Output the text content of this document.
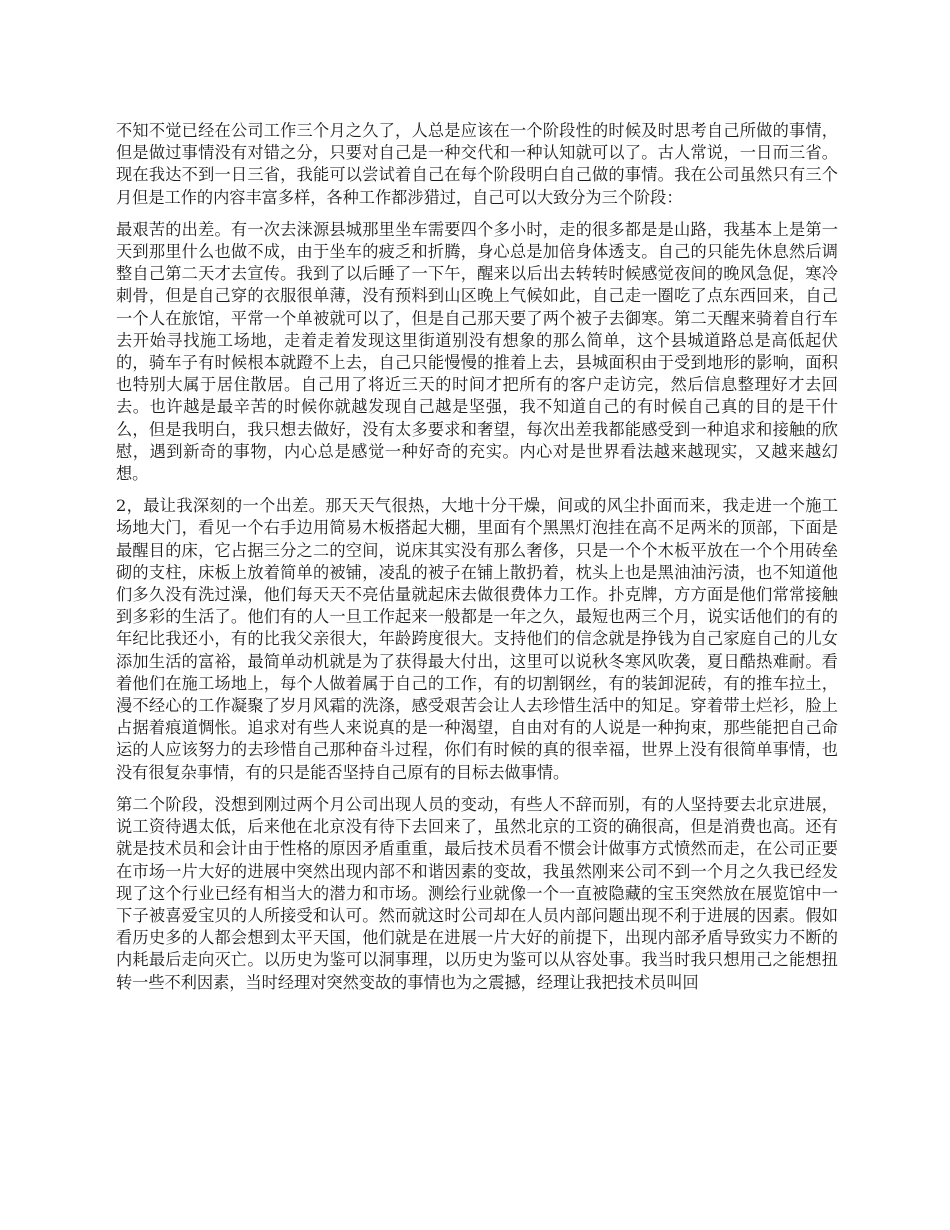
不知不觉已经在公司工作三个月之久了，人总是应该在一个阶段性的时候及时思考自己所做的事情，但是做过事情没有对错之分，只要对自己是一种交代和一种认知就可以了。古人常说，一日而三省。现在我达不到一日三省，我能可以尝试着自己在每个阶段明白自己做的事情。我在公司虽然只有三个月但是工作的内容丰富多样，各种工作都涉猎过，自己可以大致分为三个阶段：

最艰苦的出差。有一次去涞源县城那里坐车需要四个多小时，走的很多都是是山路，我基本上是第一天到那里什么也做不成，由于坐车的疲乏和折腾，身心总是加倍身体透支。自己的只能先休息然后调整自己第二天才去宣传。我到了以后睡了一下午，醒来以后出去转转时候感觉夜间的晚风急促，寒冷刺骨，但是自己穿的衣服很单薄，没有预料到山区晚上气候如此，自己走一圈吃了点东西回来，自己一个人在旅馆，平常一个单被就可以了，但是自己那天要了两个被子去御寒。第二天醒来骑着自行车去开始寻找施工场地，走着走着发现这里街道别没有想象的那么简单，这个县城道路总是高低起伏的，骑车子有时候根本就蹬不上去，自己只能慢慢的推着上去，县城面积由于受到地形的影响，面积也特别大属于居住散居。自己用了将近三天的时间才把所有的客户走访完，然后信息整理好才去回去。也许越是最辛苦的时候你就越发现自己越是坚强，我不知道自己的有时候自己真的目的是干什么，但是我明白，我只想去做好，没有太多要求和奢望，每次出差我都能感受到一种追求和接触的欣慰，遇到新奇的事物，内心总是感觉一种好奇的充实。内心对是世界看法越来越现实，又越来越幻想。

2，最让我深刻的一个出差。那天天气很热，大地十分干燥，间或的风尘扑面而来，我走进一个施工场地大门，看见一个右手边用简易木板搭起大棚，里面有个黑黑灯泡挂在高不足两米的顶部，下面是最醒目的床，它占据三分之二的空间，说床其实没有那么奢侈，只是一个个木板平放在一个个用砖垒砌的支柱，床板上放着简单的被铺，凌乱的被子在铺上散扔着，枕头上也是黑油油污渍，也不知道他们多久没有洗过澡，他们每天天不亮估量就起床去做很费体力工作。扑克牌，方方面是他们常常接触到多彩的生活了。他们有的人一旦工作起来一般都是一年之久，最短也两三个月，说实话他们的有的年纪比我还小，有的比我父亲很大，年龄跨度很大。支持他们的信念就是挣钱为自己家庭自己的儿女添加生活的富裕，最简单动机就是为了获得最大付出，这里可以说秋冬寒风吹袭，夏日酷热难耐。看着他们在施工场地上，每个人做着属于自己的工作，有的切割钢丝，有的装卸泥砖，有的推车拉土，漫不经心的工作凝聚了岁月风霜的洗涤，感受艰苦会让人去珍惜生活中的知足。穿着带土烂衫，脸上占据着痕道惆怅。追求对有些人来说真的是一种渴望，自由对有的人说是一种拘束，那些能把自己命运的人应该努力的去珍惜自己那种奋斗过程，你们有时候的真的很幸福，世界上没有很简单事情，也没有很复杂事情，有的只是能否坚持自己原有的目标去做事情。

第二个阶段，没想到刚过两个月公司出现人员的变动，有些人不辞而别，有的人坚持要去北京进展，说工资待遇太低，后来他在北京没有待下去回来了，虽然北京的工资的确很高，但是消费也高。还有就是技术员和会计由于性格的原因矛盾重重，最后技术员看不惯会计做事方式愤然而走，在公司正要在市场一片大好的进展中突然出现内部不和谐因素的变故，我虽然刚来公司不到一个月之久我已经发现了这个行业已经有相当大的潜力和市场。测绘行业就像一个一直被隐藏的宝玉突然放在展览馆中一下子被喜爱宝贝的人所接受和认可。然而就这时公司却在人员内部问题出现不利于进展的因素。假如看历史多的人都会想到太平天国，他们就是在进展一片大好的前提下，出现内部矛盾导致实力不断的内耗最后走向灭亡。以历史为鉴可以洞事理，以历史为鉴可以从容处事。我当时我只想用己之能想扭转一些不利因素，当时经理对突然变故的事情也为之震撼，经理让我把技术员叫回
